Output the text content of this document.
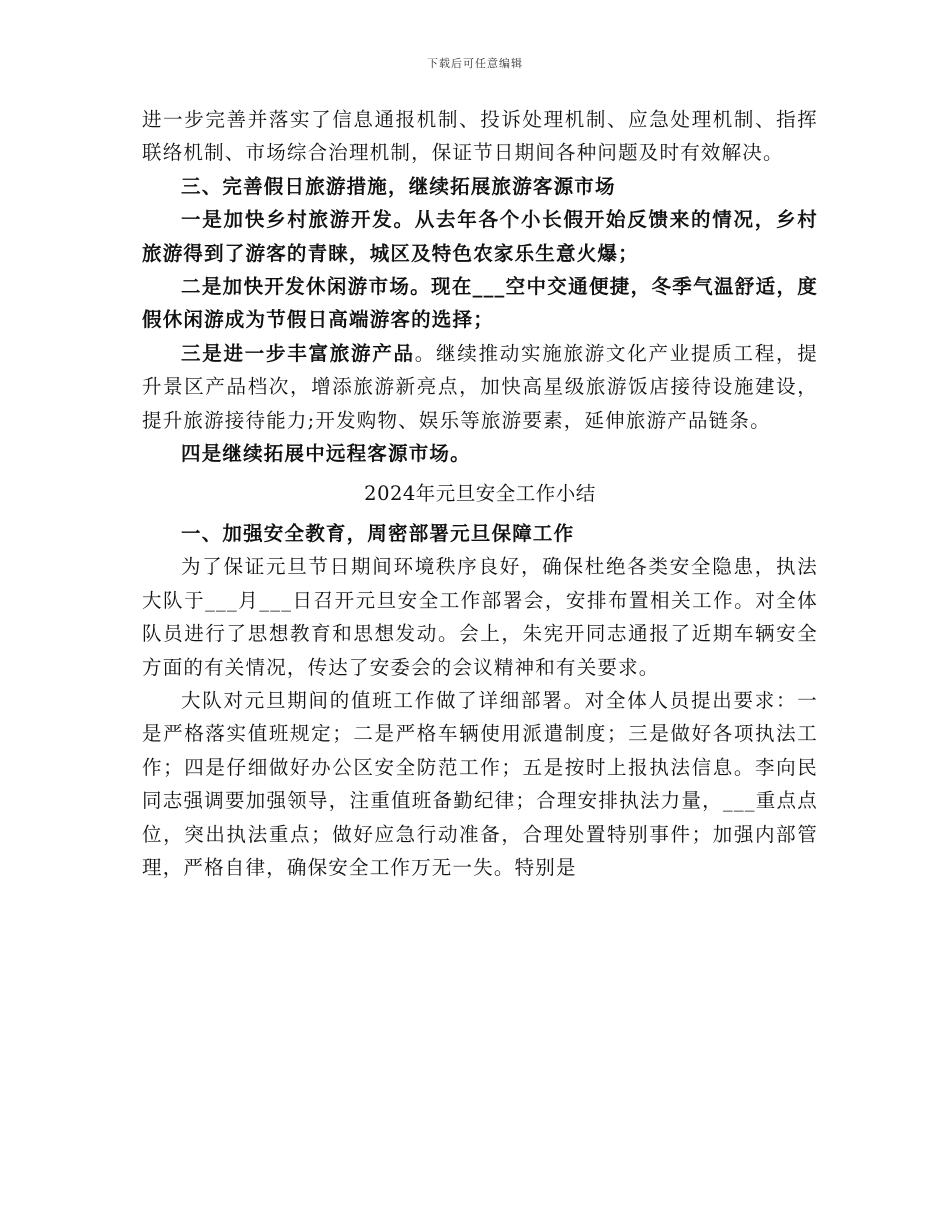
下载后可任意编辑

进一步完善并落实了信息通报机制、投诉处理机制、应急处理机制、指挥联络机制、市场综合治理机制，保证节日期间各种问题及时有效解决。

三、完善假日旅游措施，继续拓展旅游客源市场

一是加快乡村旅游开发。从去年各个小长假开始反馈来的情况，乡村旅游得到了游客的青睐，城区及特色农家乐生意火爆；

二是加快开发休闲游市场。现在___空中交通便捷，冬季气温舒适，度假休闲游成为节假日高端游客的选择；

三是进一步丰富旅游产品。继续推动实施旅游文化产业提质工程，提升景区产品档次，增添旅游新亮点，加快高星级旅游饭店接待设施建设，提升旅游接待能力;开发购物、娱乐等旅游要素，延伸旅游产品链条。

四是继续拓展中远程客源市场。

2024年元旦安全工作小结

一、加强安全教育，周密部署元旦保障工作

为了保证元旦节日期间环境秩序良好，确保杜绝各类安全隐患，执法大队于___月___日召开元旦安全工作部署会，安排布置相关工作。对全体队员进行了思想教育和思想发动。会上，朱宪开同志通报了近期车辆安全方面的有关情况，传达了安委会的会议精神和有关要求。

大队对元旦期间的值班工作做了详细部署。对全体人员提出要求：一是严格落实值班规定；二是严格车辆使用派遣制度；三是做好各项执法工作；四是仔细做好办公区安全防范工作；五是按时上报执法信息。李向民同志强调要加强领导，注重值班备勤纪律；合理安排执法力量，___重点点位，突出执法重点；做好应急行动准备，合理处置特别事件；加强内部管理，严格自律，确保安全工作万无一失。特别是
